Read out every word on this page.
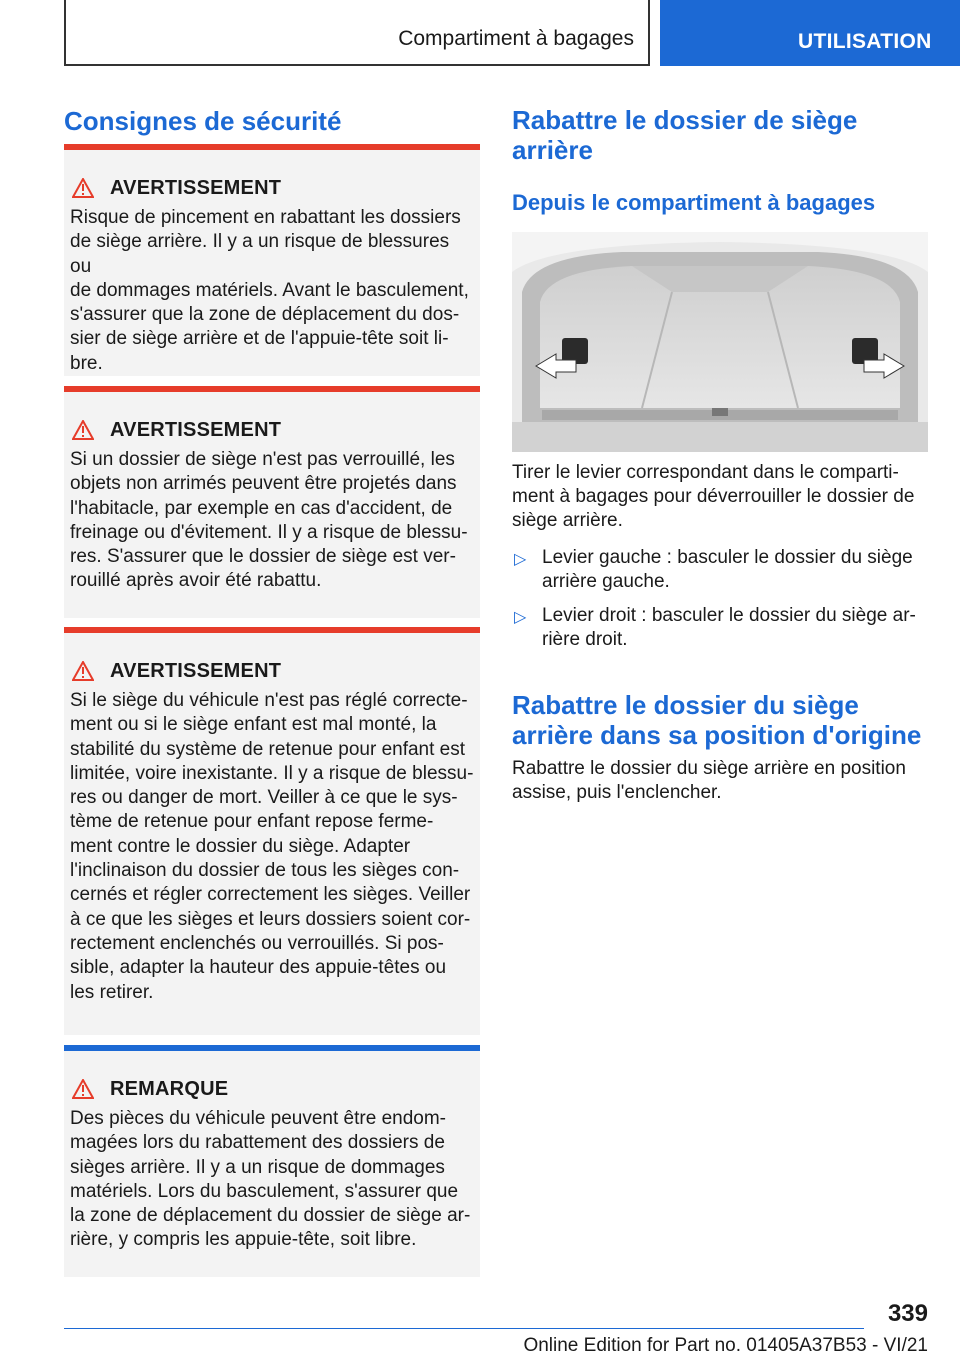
Compartiment à bagages	UTILISATION
Consignes de sécurité
AVERTISSEMENT
Risque de pincement en rabattant les dossiers
de siège arrière. Il y a un risque de blessures ou
de dommages matériels. Avant le basculement,
s'assurer que la zone de déplacement du dos-
sier de siège arrière et de l'appuie-tête soit li-
bre.
AVERTISSEMENT
Si un dossier de siège n'est pas verrouillé, les
objets non arrimés peuvent être projetés dans
l'habitacle, par exemple en cas d'accident, de
freinage ou d'évitement. Il y a risque de blessu-
res. S'assurer que le dossier de siège est ver-
rouillé après avoir été rabattu.
AVERTISSEMENT
Si le siège du véhicule n'est pas réglé correcte-
ment ou si le siège enfant est mal monté, la
stabilité du système de retenue pour enfant est
limitée, voire inexistante. Il y a risque de blessu-
res ou danger de mort. Veiller à ce que le sys-
tème de retenue pour enfant repose ferme-
ment contre le dossier du siège. Adapter
l'inclinaison du dossier de tous les sièges con-
cernés et régler correctement les sièges. Veiller
à ce que les sièges et leurs dossiers soient cor-
rectement enclenchés ou verrouillés. Si pos-
sible, adapter la hauteur des appuie-têtes ou
les retirer.
REMARQUE
Des pièces du véhicule peuvent être endom-
magées lors du rabattement des dossiers de
sièges arrière. Il y a un risque de dommages
matériels. Lors du basculement, s'assurer que
la zone de déplacement du dossier de siège ar-
rière, y compris les appuie-tête, soit libre.
Rabattre le dossier de siège
arrière
Depuis le compartiment à bagages

Tirer le levier correspondant dans le comparti-

ment à bagages pour déverrouiller le dossier de

siège arrière.

▷ Levier gauche : basculer le dossier du siège
arrière gauche.
▷ Levier droit : basculer le dossier du siège ar-
rière droit.
Rabattre le dossier du siège
arrière dans sa position d'origine

Rabattre le dossier du siège arrière en position

assise, puis l'enclencher.

339
Online Edition for Part no. 01405A37B53 - VI/21
